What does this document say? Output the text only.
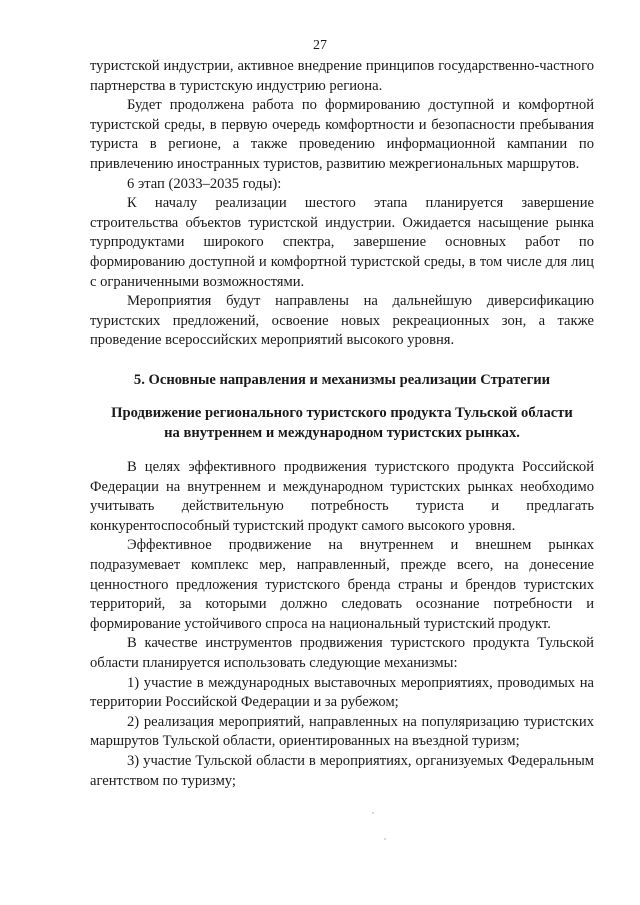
27

туристской индустрии, активное внедрение принципов государственно-частного партнерства в туристскую индустрию региона.

Будет продолжена работа по формированию доступной и комфортной туристской среды, в первую очередь комфортности и безопасности пребывания туриста в регионе, а также проведению информационной кампании по привлечению иностранных туристов, развитию межрегиональных маршрутов.

6 этап (2033–2035 годы):

К началу реализации шестого этапа планируется завершение строительства объектов туристской индустрии. Ожидается насыщение рынка турпродуктами широкого спектра, завершение основных работ по формированию доступной и комфортной туристской среды, в том числе для лиц с ограниченными возможностями.

Мероприятия будут направлены на дальнейшую диверсификацию туристских предложений, освоение новых рекреационных зон, а также проведение всероссийских мероприятий высокого уровня.

5. Основные направления и механизмы реализации Стратегии
Продвижение регионального туристского продукта Тульской области
на внутреннем и международном туристских рынках.

В целях эффективного продвижения туристского продукта Российской Федерации на внутреннем и международном туристских рынках необходимо учитывать действительную потребность туриста и предлагать конкурентоспособный туристский продукт самого высокого уровня.

Эффективное продвижение на внутреннем и внешнем рынках подразумевает комплекс мер, направленный, прежде всего, на донесение ценностного предложения туристского бренда страны и брендов туристских территорий, за которыми должно следовать осознание потребности и формирование устойчивого спроса на национальный туристский продукт.

В качестве инструментов продвижения туристского продукта Тульской области планируется использовать следующие механизмы:

1) участие в международных выставочных мероприятиях, проводимых на территории Российской Федерации и за рубежом;

2) реализация мероприятий, направленных на популяризацию туристских маршрутов Тульской области, ориентированных на въездной туризм;

3) участие Тульской области в мероприятиях, организуемых Федеральным агентством по туризму;
